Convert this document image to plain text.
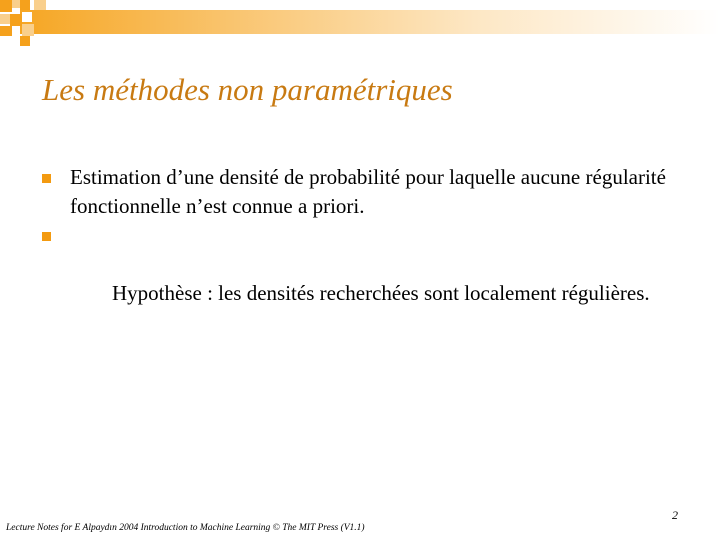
Les méthodes non paramétriques
Estimation d’une densité de probabilité pour laquelle aucune régularité fonctionnelle n’est connue a priori.

Hypothèse : les densités recherchées sont localement régulières.

Lecture Notes for E Alpaydın 2004 Introduction to Machine Learning © The MIT Press (V1.1)
2
